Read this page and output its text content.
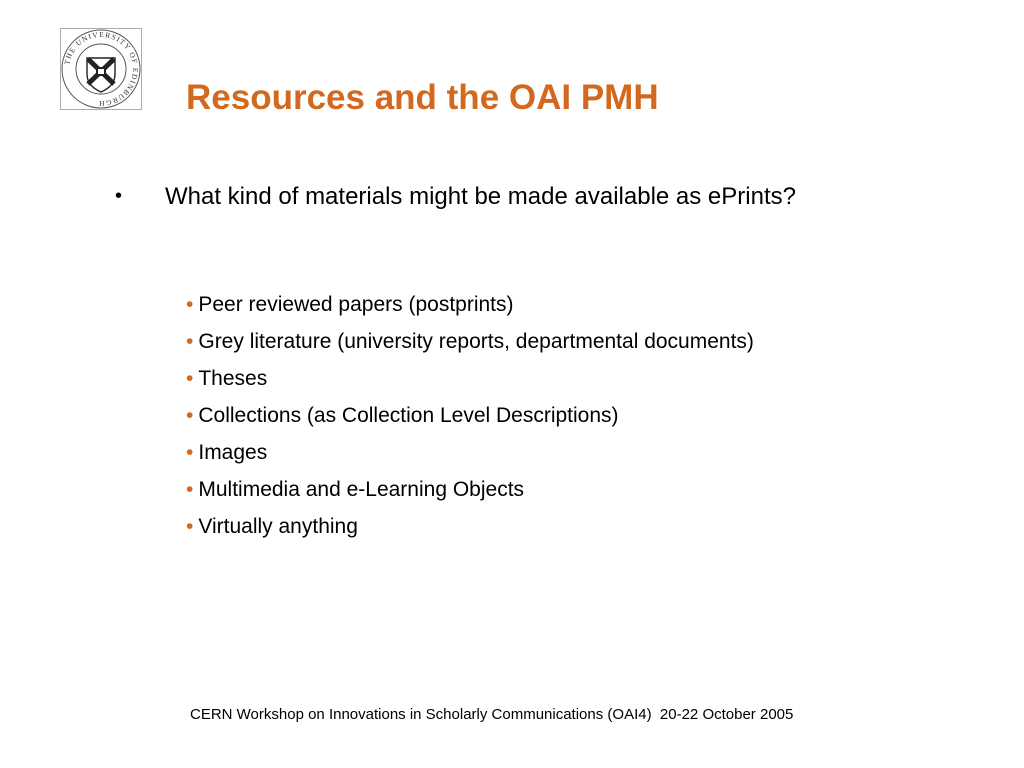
THE UNIVERSITY OF EDINBURGH	Resources and the OAI PMH
•	What kind of materials might be made available as ePrints?
• Peer reviewed papers (postprints)
• Grey literature (university reports, departmental documents)
• Theses
• Collections (as Collection Level Descriptions)
• Images
• Multimedia and e-Learning Objects
• Virtually anything
CERN Workshop on Innovations in Scholarly Communications (OAI4)  20-22 October 2005
